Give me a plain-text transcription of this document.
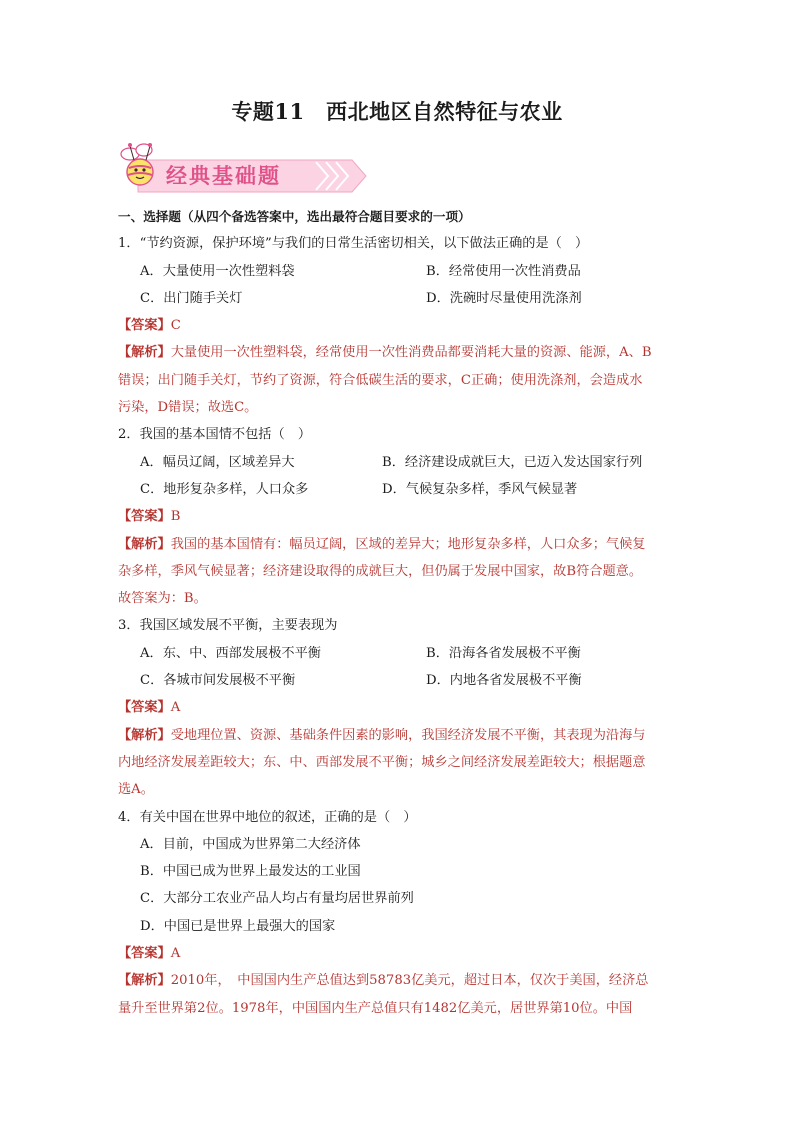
专题11　西北地区自然特征与农业
经典基础题
一、选择题（从四个备选答案中，选出最符合题目要求的一项）
1．“节约资源，保护环境”与我们的日常生活密切相关，以下做法正确的是（　）
A．大量使用一次性塑料袋	B．经常使用一次性消费品
C．出门随手关灯	D．洗碗时尽量使用洗涤剂
【答案】C
【解析】大量使用一次性塑料袋，经常使用一次性消费品都要消耗大量的资源、能源，A、B
错误；出门随手关灯，节约了资源，符合低碳生活的要求，C正确；使用洗涤剂，会造成水
污染，D错误；故选C。
2．我国的基本国情不包括（　）
A．幅员辽阔，区域差异大	B．经济建设成就巨大，已迈入发达国家行列
C．地形复杂多样，人口众多	D．气候复杂多样，季风气候显著
【答案】B
【解析】我国的基本国情有：幅员辽阔，区域的差异大；地形复杂多样，人口众多；气候复
杂多样，季风气候显著；经济建设取得的成就巨大，但仍属于发展中国家，故B符合题意。
故答案为：B。
3．我国区域发展不平衡，主要表现为
A．东、中、西部发展极不平衡	B．沿海各省发展极不平衡
C．各城市间发展极不平衡	D．内地各省发展极不平衡
【答案】A
【解析】受地理位置、资源、基础条件因素的影响，我国经济发展不平衡，其表现为沿海与
内地经济发展差距较大；东、中、西部发展不平衡；城乡之间经济发展差距较大；根据题意
选A。
4．有关中国在世界中地位的叙述，正确的是（　）
A．目前，中国成为世界第二大经济体
B．中国已成为世界上最发达的工业国
C．大部分工农业产品人均占有量均居世界前列
D．中国已是世界上最强大的国家
【答案】A
【解析】2010年，　中国国内生产总值达到58783亿美元，超过日本，仅次于美国，经济总
量升至世界第2位。1978年，中国国内生产总值只有1482亿美元，居世界第10位。中国
